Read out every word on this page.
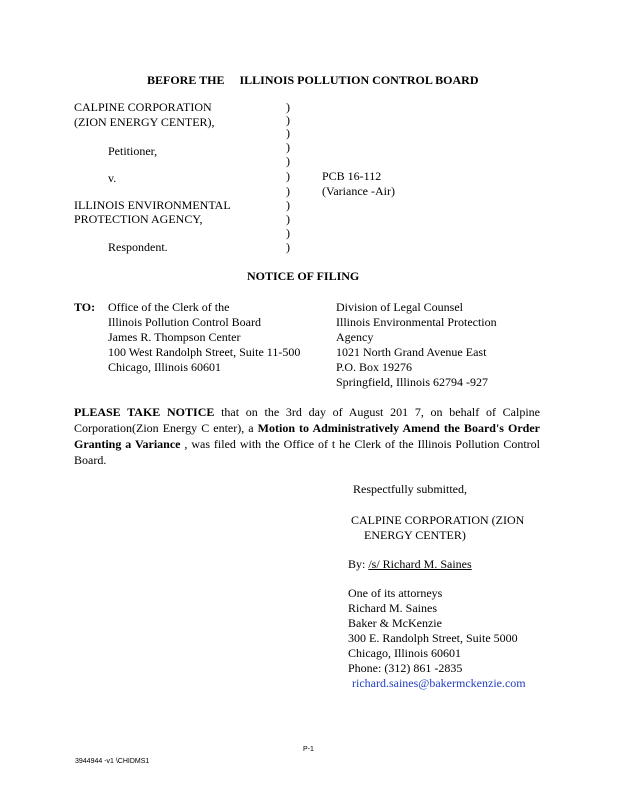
BEFORE THE     ILLINOIS POLLUTION CONTROL BOARD
CALPINE CORPORATION
(ZION ENERGY CENTER),
Petitioner,
v.
ILLINOIS ENVIRONMENTAL
PROTECTION AGENCY,
Respondent.
)
)
)
)
)
)
)
)
)
)
)
PCB 16-112
(Variance -Air)
NOTICE OF FILING
TO: Office of the Clerk of the
Illinois Pollution Control Board
James R. Thompson Center
100 West Randolph Street, Suite 11-500
Chicago, Illinois 60601
Division of Legal Counsel
Illinois Environmental Protection
Agency
1021 North Grand Avenue East
P.O. Box 19276
Springfield, Illinois 62794 -927
PLEASE TAKE NOTICE that on the 3rd day of August 201 7, on behalf of Calpine Corporation(Zion Energy C enter), a Motion to Administratively Amend the Board's Order Granting a Variance , was filed with the Office of t he Clerk of the Illinois Pollution Control Board.
Respectfully submitted,
CALPINE CORPORATION (ZION
ENERGY CENTER)
By: /s/ Richard M. Saines
One of its attorneys
Richard M. Saines
Baker & McKenzie
300 E. Randolph Street, Suite 5000
Chicago, Illinois 60601
Phone: (312) 861 -2835
richard.saines@bakermckenzie.com
P-1
3944944 -v1 \CHIDMS1
